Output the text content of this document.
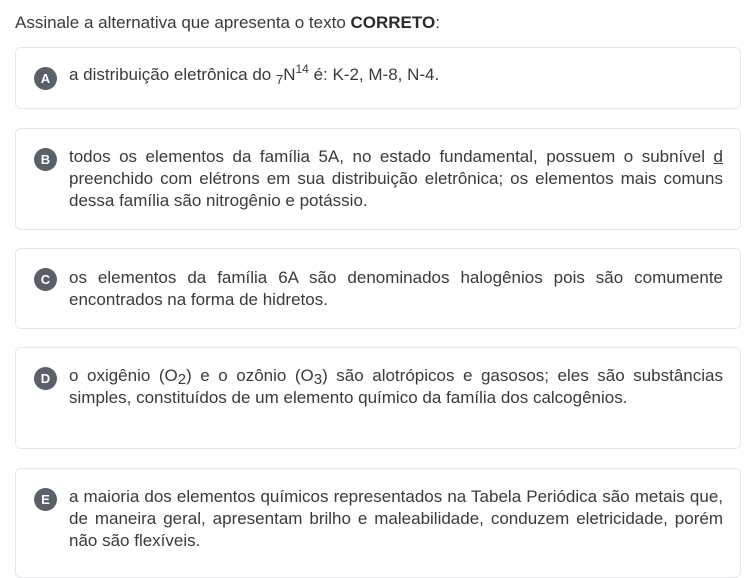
Assinale a alternativa que apresenta o texto CORRETO:

A	a distribuição eletrônica do $_7N^{14}$ é: K-2, M-8, N-4.

B	todos os elementos da família 5A, no estado fundamental, possuem o subnível d preenchido com elétrons em sua distribuição eletrônica; os elementos mais comuns dessa família são nitrogênio e potássio.

C	os elementos da família 6A são denominados halogênios pois são comumente encontrados na forma de hidretos.

D	o oxigênio (O2) e o ozônio (O3) são alotrópicos e gasosos; eles são substâncias simples, constituídos de um elemento químico da família dos calcogênios.

E	a maioria dos elementos químicos representados na Tabela Periódica são metais que, de maneira geral, apresentam brilho e maleabilidade, conduzem eletricidade, porém não são flexíveis.
